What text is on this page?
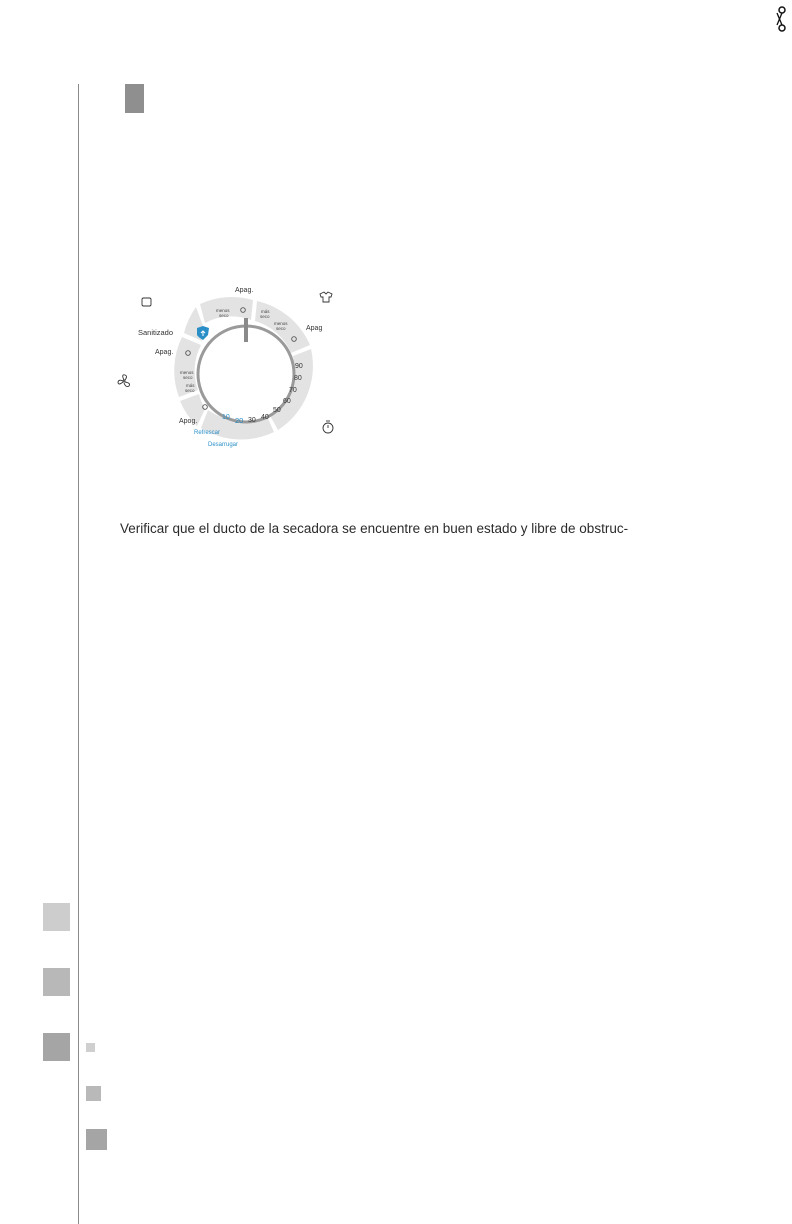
Apag.
menos
seco
más
seco
menos
seco	Apag
Sanitizado
Apag.
menos
seco
más
seco
Apog.
90
80
70
60
50
40
30
10 20
Refrescar
Desarrugar
Verificar que el ducto de la secadora se encuentre en buen estado y libre de obstruc-
